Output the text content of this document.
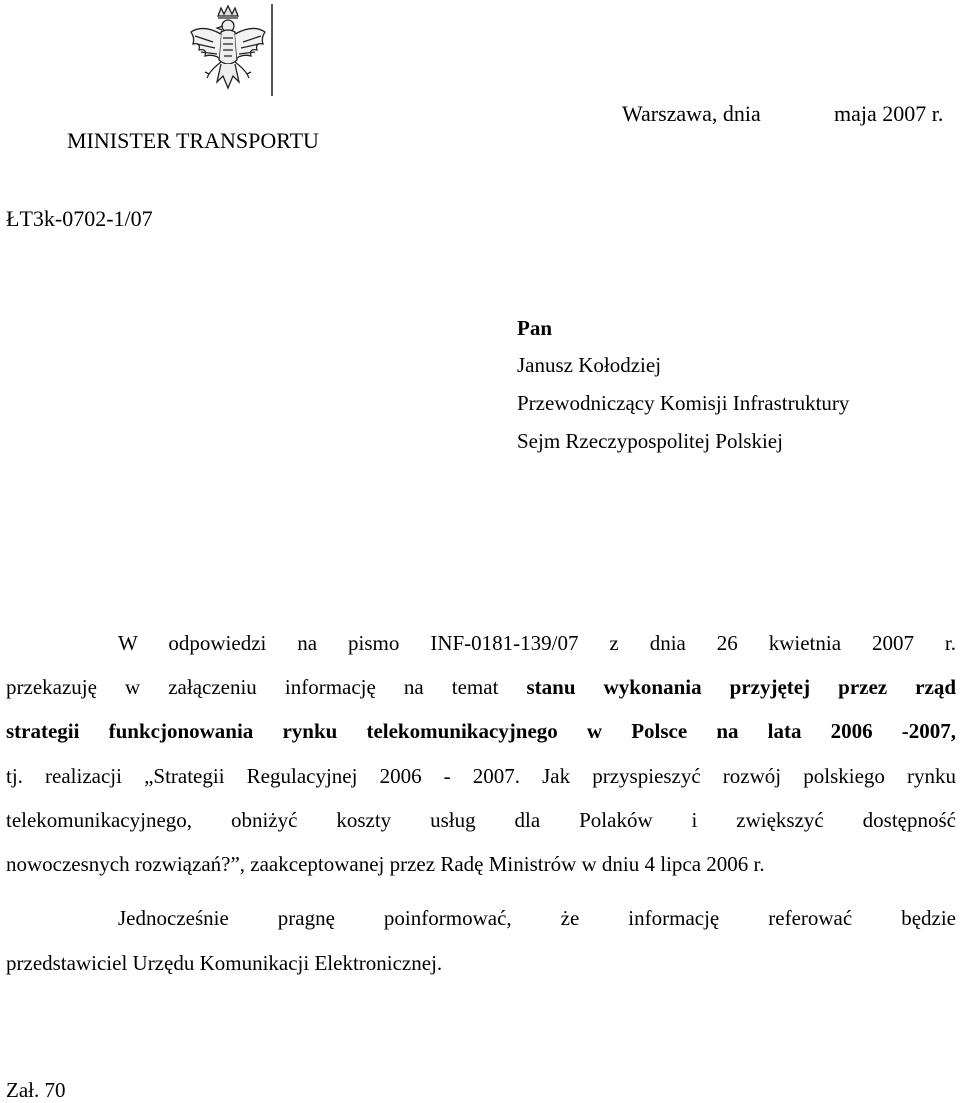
MINISTER TRANSPORTU
Warszawa, dnia	maja 2007 r.
ŁT3k-0702-1/07
Pan
Janusz Kołodziej
Przewodniczący Komisji Infrastruktury
Sejm Rzeczypospolitej Polskiej
W odpowiedzi na pismo INF-0181-139/07 z dnia 26 kwietnia 2007 r.
przekazuję w załączeniu informację na temat stanu wykonania przyjętej przez rząd
strategii funkcjonowania rynku telekomunikacyjnego w Polsce na lata 2006 -2007,
tj. realizacji „Strategii Regulacyjnej 2006 - 2007. Jak przyspieszyć rozwój polskiego rynku
telekomunikacyjnego, obniżyć koszty usług dla Polaków i zwiększyć dostępność
nowoczesnych rozwiązań?”, zaakceptowanej przez Radę Ministrów w dniu 4 lipca 2006 r.
Jednocześnie pragnę poinformować, że informację referować będzie
przedstawiciel Urzędu Komunikacji Elektronicznej.
Zał. 70
